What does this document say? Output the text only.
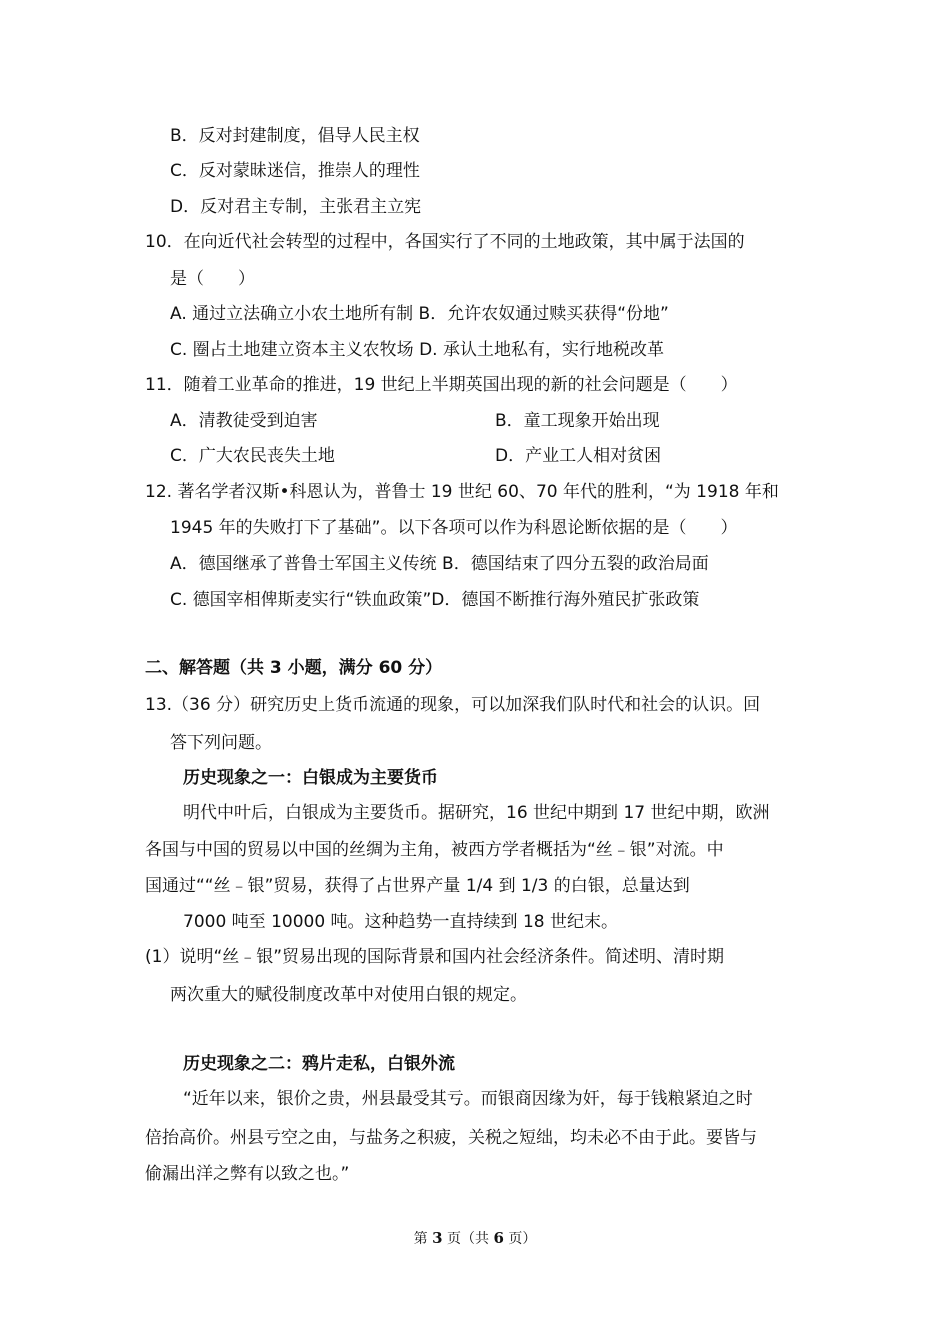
B．反对封建制度，倡导人民主权
C．反对蒙昧迷信，推崇人的理性
D．反对君主专制，主张君主立宪
10．在向近代社会转型的过程中，各国实行了不同的土地政策，其中属于法国的
是（　　）
A. 通过立法确立小农土地所有制 B．允许农奴通过赎买获得“份地”
C. 圈占土地建立资本主义农牧场 D. 承认土地私有，实行地税改革
11．随着工业革命的推进，19 世纪上半期英国出现的新的社会问题是（　　）
A．清教徒受到迫害	B．童工现象开始出现
C．广大农民丧失土地	D．产业工人相对贫困
12. 著名学者汉斯•科恩认为，普鲁士 19 世纪 60、70 年代的胜利，“为 1918 年和
1945 年的失败打下了基础”。以下各项可以作为科恩论断依据的是（　　）
A．德国继承了普鲁士军国主义传统 B．德国结束了四分五裂的政治局面
C. 德国宰相俾斯麦实行“铁血政策”D．德国不断推行海外殖民扩张政策
二、解答题（共 3 小题，满分 60 分）
13.（36 分）研究历史上货币流通的现象，可以加深我们队时代和社会的认识。回
答下列问题。
历史现象之一：白银成为主要货币
明代中叶后，白银成为主要货币。据研究，16 世纪中期到 17 世纪中期，欧洲
各国与中国的贸易以中国的丝绸为主角，被西方学者概括为“丝﹣银”对流。中
国通过““丝﹣银”贸易，获得了占世界产量 1/4 到 1/3 的白银，总量达到
7000 吨至 10000 吨。这种趋势一直持续到 18 世纪末。
(1）说明“丝﹣银”贸易出现的国际背景和国内社会经济条件。简述明、清时期
两次重大的赋役制度改革中对使用白银的规定。
历史现象之二：鸦片走私，白银外流
“近年以来，银价之贵，州县最受其亏。而银商因缘为奸，每于钱粮紧迫之时
倍抬高价。州县亏空之由，与盐务之积疲，关税之短绌，均未必不由于此。要皆与
偷漏出洋之弊有以致之也。”
第 3 页（共 6 页）
